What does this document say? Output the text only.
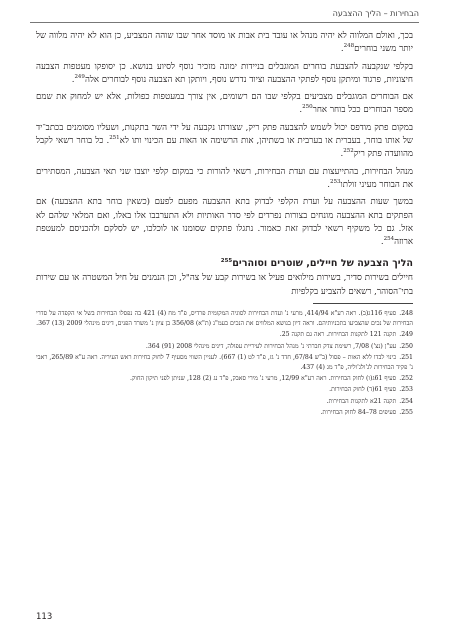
הבחירות – הליך ההצבעה

בכך, ואולם המלווה לא יהיה מנהל או עובד בית אבות או מוסד אחר שבו שוהה המצביע, כן הוא לא יהיה מלווה של יותר משני בוחרים$^{248}$.

בקלפי שנקבעה להצבעת בוחרים המוגבלים בניידות ימונה מזכיר נוסף לסיוע בנושא. כן יסופקו מעטפות הצבעה חיצוניות, פרגוד ומיתקן נוסף לפתקי ההצבעה וציוד נדרש נוסף, ויותקן תא הצבעה נוסף לבוחרים אלה$^{249}$.

אם הבוחרים המוגבלים מצביעים בקלפי שבו הם רשומים, אין צורך במעטפות כפולות, אלא יש למחוק את שמם מספר הבוחרים ככל בוחר אחר$^{250}$.

במקום פתק מודפס יכול לשמש להצבעה פתק ריק, שצורתו נקבעה על ידי השר בתקנות, ושעליו מסומנים בכתב־יד של אותו בוחר, בעברית או בערבית או בשתיהן, אות הרשימה או האות עם הכינוי ותו לא$^{251}$. כל בוחר רשאי לקבל מהוועדה פתק ריק$^{252}$.

מנהל הבחירות, בהתייעצות עם ועדת הבחירות, רשאי להורות כי במקום קלפי יוצבו שני תאי הצבעה, המסתירים את הבוחר מעיני זולתו$^{253}$.

במשך שעות ההצבעה על ועדת הקלפי לבדוק בתא ההצבעה מפעם לפעם (כשאין בוחר בתא ההצבעה) אם הפתקים בתא ההצבעה מונחים בצורות נפרדים לפי סדר האותיות ולא התערבבו אלו באלו, ואם המלאי שלהם לא אזל. גם כל משקיף רשאי לבדוק זאת כאמור. נתגלו פתקים שסומנו או לוכלכו, יש לסלקם ולהכניסם למעטפת ארוזה$^{254}$.

הליך הצבעה של חיילים, שוטרים וסוהרים$^{255}$

חיילים בשירות סדיר, בשירות מילואים פעיל או בשירות קבע של צה"ל, וכן הנמנים על חיל המשטרה או עם שירות בתי־הסוהר, רשאים להצביע בקלפיות

248.סעיף 116ג(ב). ראה רע"א 414/94, מרעי נ' ועדת הבחירות לסוגיה המקומית פרדיס, פ"ד מח (4) 421 בה נפסלו הבחירות בשל אי הקפדה על סדרי הבחירות של נכים שהצביעו בתכניותיהם. וראה דיון בנושא המלווים את הנכים בעמ"נ (ת"א) 356/08 בן ציון נ' משרד הפנים, דינים מינהלי 2009 (13) 367.
249.תקנה 121 לתקנות הבחירות. ראה גם תקנה 25.
250.עע"ן (נצ') 7/08, רשימת צדק חברתי נ' מנהל הבחירות לעיריית עפולה, דינים מינהלי 2008 (91) 364.
251.כינוי לבדו ללא האות – פסול (ב"ש 67/84, חדד נ' גז, פ"ד לט (1) 667). לעניין השווי מסעיף 7 לחוק בחירות ראש העיריה. ראה ע"א 265/89, ראבי נ' פקיד הבחירות לג'ולג'וליה, פ"ד מג (4) 437.
252.סעיף 61ג(ו) לחוק הבחירות. ראה רע"א 12/99, מרעי נ' מירי סאבק, פ"ד נג (2) 128, שניתן לפני תיקון החוק.
253.סעיף 61(ד) לחוק הבחירות.
254.תקנה 21א לתקנות הבחירות.
255.סעיפים 78–84 לחוק הבחירות.
113
